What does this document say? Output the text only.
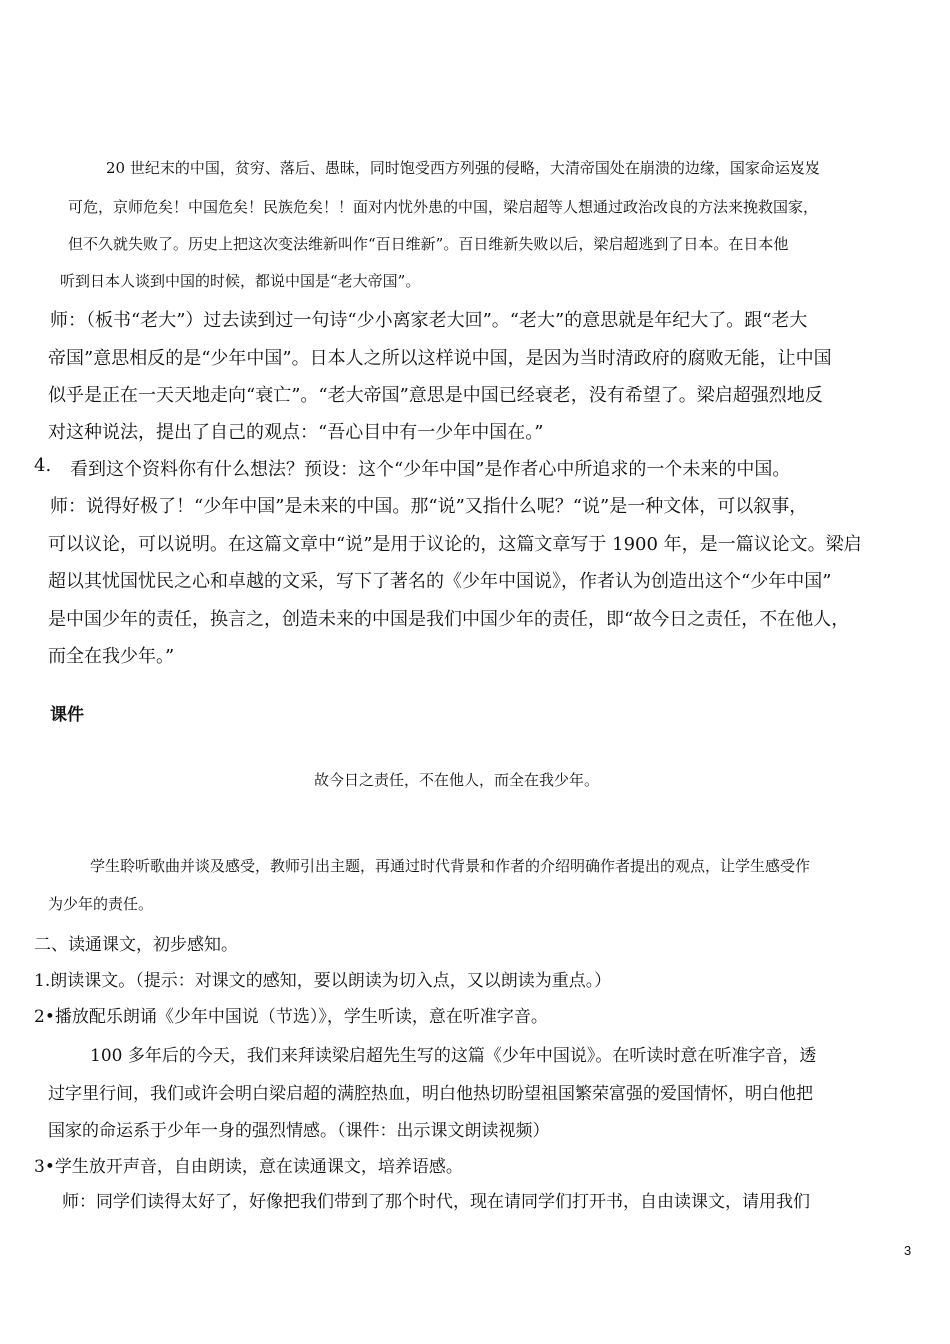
20 世纪末的中国，贫穷、落后、愚昧，同时饱受西方列强的侵略，大清帝国处在崩溃的边缘，国家命运岌岌
可危，京师危矣！中国危矣！民族危矣！！面对内忧外患的中国，梁启超等人想通过政治改良的方法来挽救国家，
但不久就失败了。历史上把这次变法维新叫作“百日维新”。百日维新失败以后，梁启超逃到了日本。在日本他
听到日本人谈到中国的时候，都说中国是“老大帝国”。
师：（板书“老大”）过去读到过一句诗“少小离家老大回”。“老大”的意思就是年纪大了。跟“老大
帝国”意思相反的是“少年中国”。日本人之所以这样说中国，是因为当时清政府的腐败无能，让中国
似乎是正在一天天地走向“衰亡”。“老大帝国”意思是中国已经衰老，没有希望了。梁启超强烈地反
对这种说法，提出了自己的观点：“吾心目中有一少年中国在。”
4. 看到这个资料你有什么想法？预设：这个“少年中国”是作者心中所追求的一个未来的中国。
师：说得好极了！“少年中国”是未来的中国。那“说”又指什么呢？“说”是一种文体，可以叙事，
可以议论，可以说明。在这篇文章中“说”是用于议论的，这篇文章写于 1900 年，是一篇议论文。梁启
超以其忧国忧民之心和卓越的文采，写下了著名的《少年中国说》，作者认为创造出这个“少年中国”
是中国少年的责任，换言之，创造未来的中国是我们中国少年的责任，即“故今日之责任，不在他人，
而全在我少年。”
课件
故今日之责任，不在他人，而全在我少年。
学生聆听歌曲并谈及感受，教师引出主题，再通过时代背景和作者的介绍明确作者提出的观点，让学生感受作
为少年的责任。
二、读通课文，初步感知。
1.朗读课文。（提示：对课文的感知，要以朗读为切入点，又以朗读为重点。）
2•播放配乐朗诵《少年中国说（节选）》，学生听读，意在听准字音。
100 多年后的今天，我们来拜读梁启超先生写的这篇《少年中国说》。在听读时意在听准字音，透
过字里行间，我们或许会明白梁启超的满腔热血，明白他热切盼望祖国繁荣富强的爱国情怀，明白他把
国家的命运系于少年一身的强烈情感。（课件：出示课文朗读视频）
3•学生放开声音，自由朗读，意在读通课文，培养语感。
师：同学们读得太好了，好像把我们带到了那个时代，现在请同学们打开书，自由读课文，请用我们
3
